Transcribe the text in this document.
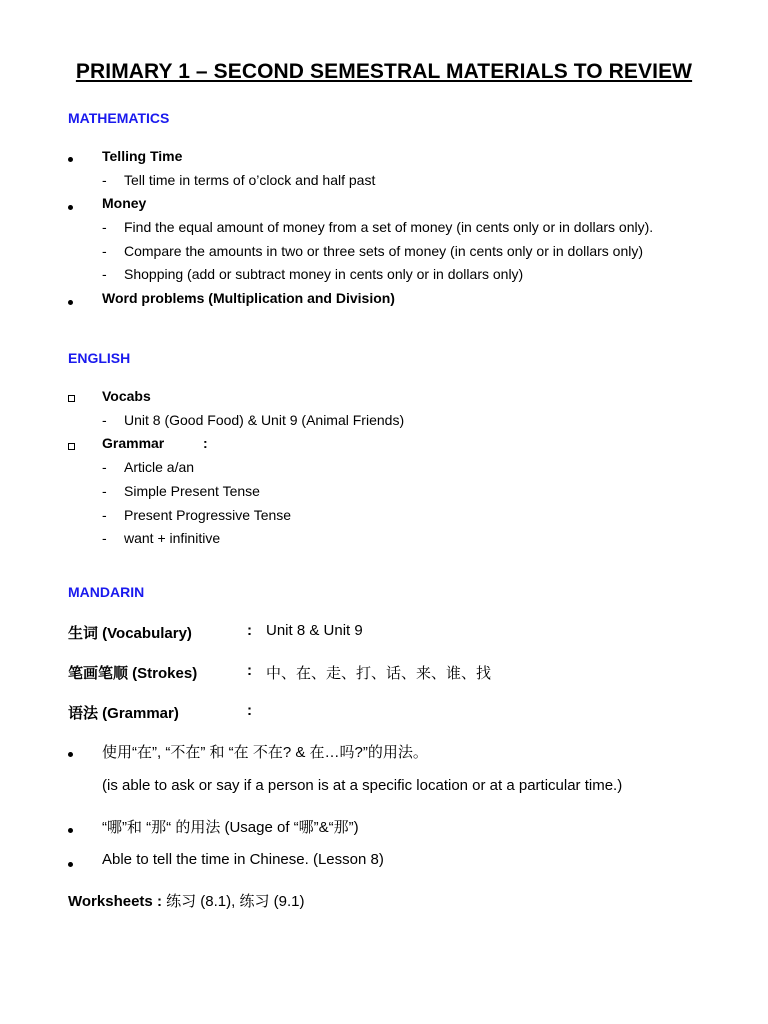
PRIMARY 1 – SECOND SEMESTRAL MATERIALS TO REVIEW
MATHEMATICS
Telling Time
- Tell time in terms of o’clock and half past
Money
- Find the equal amount of money from a set of money (in cents only or in dollars only).
- Compare the amounts in two or three sets of money (in cents only or in dollars only)
- Shopping (add or subtract money in cents only or in dollars only)
Word problems (Multiplication and Division)
ENGLISH
Vocabs
- Unit 8 (Good Food) & Unit 9 (Animal Friends)
Grammar	:
- Article a/an
- Simple Present Tense
- Present Progressive Tense
- want + infinitive
MANDARIN
生词 (Vocabulary)	: Unit 8 & Unit 9
笔画笔顺 (Strokes)	: 中、在、走、打、话、来、谁、找
语法 (Grammar)	:
使用“在”, “不在” 和 “在 不在? & 在…吗?”的用法。
(is able to ask or say if a person is at a specific location or at a particular time.)
“哪”和 “那“ 的用法 (Usage of “哪”&“那”)
Able to tell the time in Chinese. (Lesson 8)
Worksheets : 练习 (8.1), 练习 (9.1)
